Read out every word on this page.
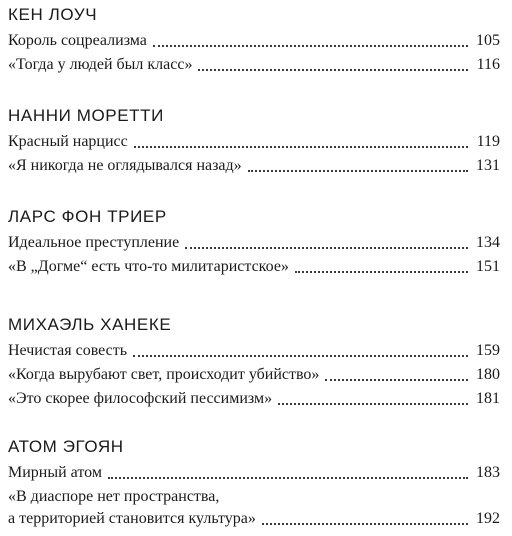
КЕН ЛОУЧ
Король соцреализма	105
«Тогда у людей был класс»	116
НАННИ МОРЕТТИ
Красный нарцисс	119
«Я никогда не оглядывался назад»	131
ЛАРС ФОН ТРИЕР
Идеальное преступление	134
«В „Догме“ есть что-то милитаристское»	151
МИХАЭЛЬ ХАНЕКЕ
Нечистая совесть	159
«Когда вырубают свет, происходит убийство»	180
«Это скорее философский пессимизм»	181
АТОМ ЭГОЯН
Мирный атом	183
«В диаспоре нет пространства,
а территорией становится культура»	192
